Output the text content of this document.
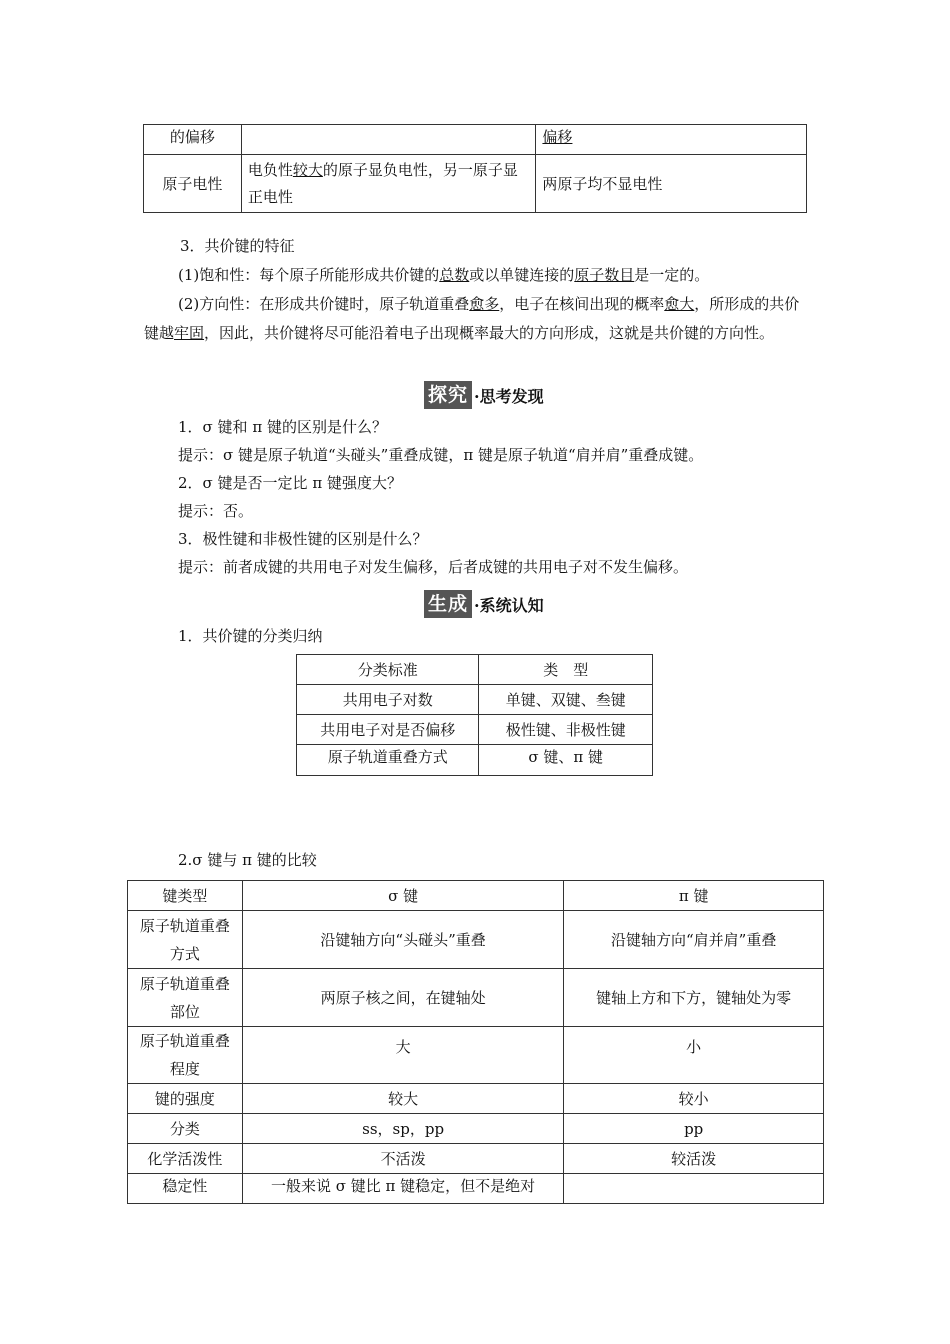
的偏移		偏移
原子电性	电负性较大的原子显负电性，另一原子显正电性	两原子均不显电性
3．共价键的特征
(1)饱和性：每个原子所能形成共价键的总数或以单键连接的原子数目是一定的。
(2)方向性：在形成共价键时，原子轨道重叠愈多，电子在核间出现的概率愈大，所形成的共价键越牢固，因此，共价键将尽可能沿着电子出现概率最大的方向形成，这就是共价键的方向性。
探究 ·思考发现
1．σ 键和 π 键的区别是什么？
提示：σ 键是原子轨道“头碰头”重叠成键，π 键是原子轨道“肩并肩”重叠成键。
2．σ 键是否一定比 π 键强度大？
提示：否。
3．极性键和非极性键的区别是什么？
提示：前者成键的共用电子对发生偏移，后者成键的共用电子对不发生偏移。
生成 ·系统认知
1．共价键的分类归纳
分类标准	类　型
共用电子对数	单键、双键、叁键
共用电子对是否偏移	极性键、非极性键
原子轨道重叠方式	σ 键、π 键
2.σ 键与 π 键的比较
键类型	σ 键	π 键
原子轨道重叠方式	沿键轴方向“头碰头”重叠	沿键轴方向“肩并肩”重叠
原子轨道重叠部位	两原子核之间，在键轴处	键轴上方和下方，键轴处为零
原子轨道重叠程度	大	小
键的强度	较大	较小
分类	ss，sp，pp	pp
化学活泼性	不活泼	较活泼
稳定性	一般来说 σ 键比 π 键稳定，但不是绝对	
